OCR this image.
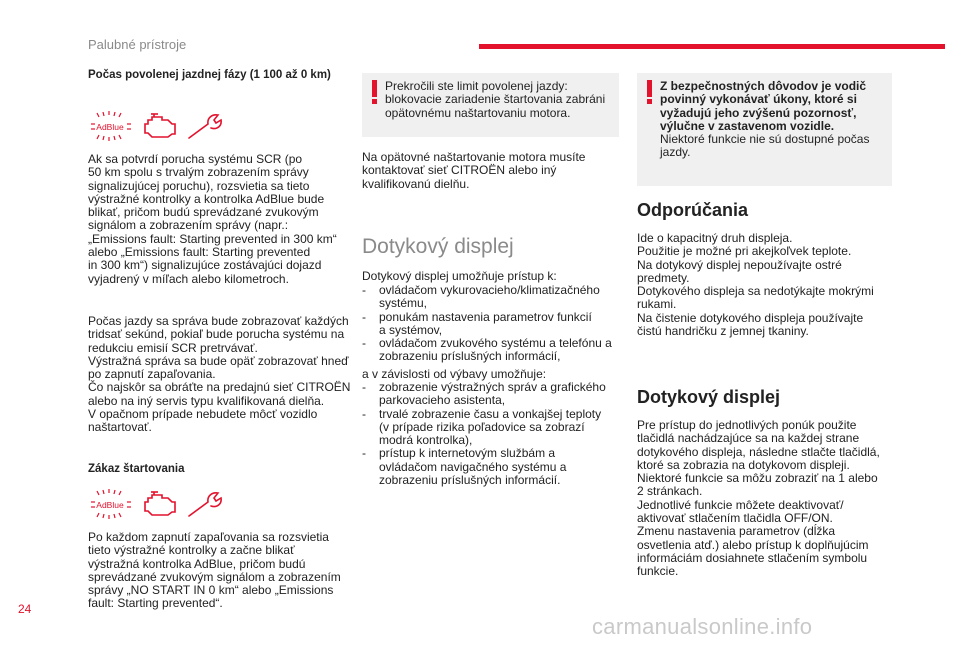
Palubné prístroje
Počas povolenej jazdnej fázy (1 100 až 0 km)
AdBlue

Ak sa potvrdí porucha systému SCR (po
50 km spolu s trvalým zobrazením správy
signalizujúcej poruchu), rozsvietia sa tieto
výstražné kontrolky a kontrolka AdBlue bude
blikať, pričom budú sprevádzané zvukovým
signálom a zobrazením správy (napr.:
„Emissions fault: Starting prevented in 300 km“
alebo „Emissions fault: Starting prevented
in 300 km“) signalizujúce zostávajúci dojazd
vyjadrený v míľach alebo kilometroch.

Počas jazdy sa správa bude zobrazovať každých
tridsať sekúnd, pokiaľ bude porucha systému na
redukciu emisií SCR pretrvávať.
Výstražná správa sa bude opäť zobrazovať hneď
po zapnutí zapaľovania.
Čo najskôr sa obráťte na predajnú sieť CITROËN
alebo na iný servis typu kvalifikovaná dielňa.
V opačnom prípade nebudete môcť vozidlo
naštartovať.

Zákaz štartovania
AdBlue

Po každom zapnutí zapaľovania sa rozsvietia
tieto výstražné kontrolky a začne blikať
výstražná kontrolka AdBlue, pričom budú
sprevádzané zvukovým signálom a zobrazením
správy „NO START IN 0 km“ alebo „Emissions
fault: Starting prevented“.

Prekročili ste limit povolenej jazdy:
blokovacie zariadenie štartovania zabráni
opätovnému naštartovaniu motora.

Na opätovné naštartovanie motora musíte
kontaktovať sieť CITROËN alebo iný
kvalifikovanú dielňu.

Dotykový displej

Dotykový displej umožňuje prístup k:

- ovládačom vykurovacieho/klimatizačného
systému,
- ponukám nastavenia parametrov funkcií
a systémov,
- ovládačom zvukového systému a telefónu a
zobrazeniu príslušných informácií,

a v závislosti od výbavy umožňuje:

- zobrazenie výstražných správ a grafického
parkovacieho asistenta,
- trvalé zobrazenie času a vonkajšej teploty
(v prípade rizika poľadovice sa zobrazí
modrá kontrolka),
- prístup k internetovým službám a
ovládačom navigačného systému a
zobrazeniu príslušných informácií.

Z bezpečnostných dôvodov je vodič
povinný vykonávať úkony, ktoré si
vyžadujú jeho zvýšenú pozornosť,
výlučne v zastavenom vozidle.

Niektoré funkcie nie sú dostupné počas
jazdy.

Odporúčania

Ide o kapacitný druh displeja.
Použitie je možné pri akejkoľvek teplote.
Na dotykový displej nepoužívajte ostré
predmety.
Dotykového displeja sa nedotýkajte mokrými
rukami.
Na čistenie dotykového displeja používajte
čistú handričku z jemnej tkaniny.

Dotykový displej

Pre prístup do jednotlivých ponúk použite
tlačidlá nachádzajúce sa na každej strane
dotykového displeja, následne stlačte tlačidlá,
ktoré sa zobrazia na dotykovom displeji.
Niektoré funkcie sa môžu zobraziť na 1 alebo
2 stránkach.
Jednotlivé funkcie môžete deaktivovať/
aktivovať stlačením tlačidla OFF/ON.
Zmenu nastavenia parametrov (dĺžka
osvetlenia atď.) alebo prístup k doplňujúcim
informáciám dosiahnete stlačením symbolu
funkcie.

24
carmanualsonline.info
